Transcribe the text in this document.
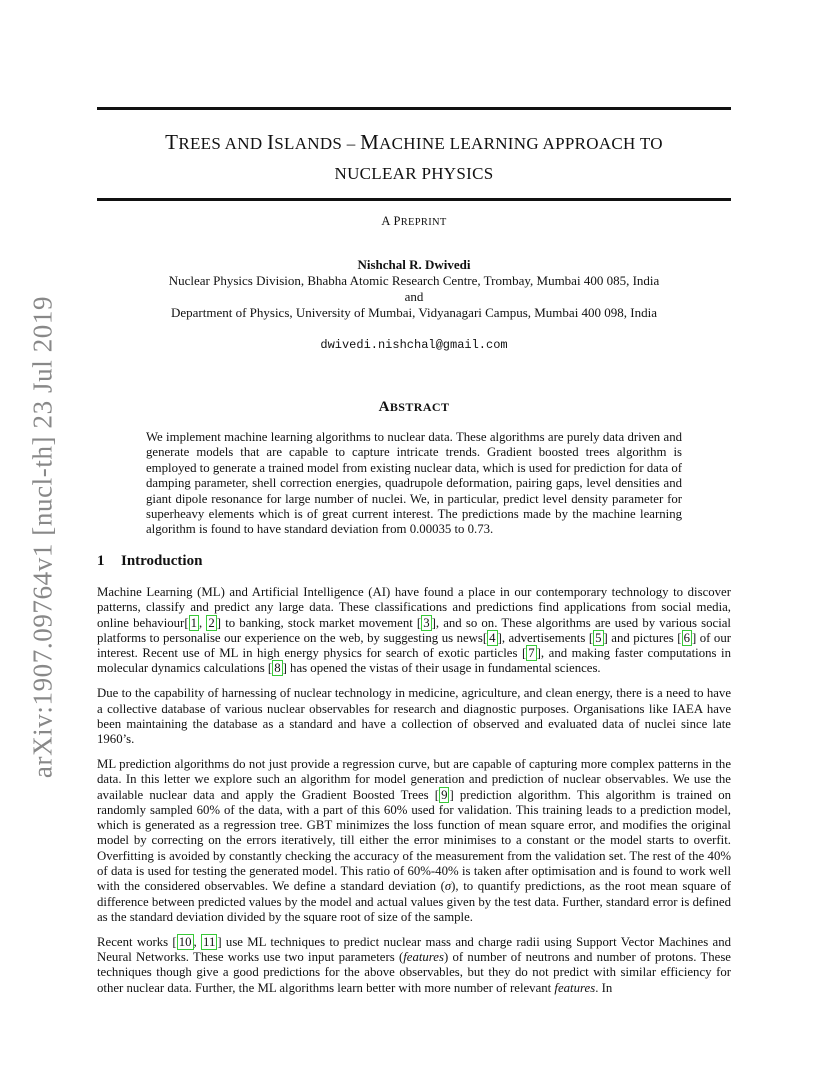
TREES AND ISLANDS – MACHINE LEARNING APPROACH TO
NUCLEAR PHYSICS
A PREPRINT
Nishchal R. Dwivedi
Nuclear Physics Division, Bhabha Atomic Research Centre, Trombay, Mumbai 400 085, India
and
Department of Physics, University of Mumbai, Vidyanagari Campus, Mumbai 400 098, India
dwivedi.nishchal@gmail.com
ABSTRACT
We implement machine learning algorithms to nuclear data. These algorithms are purely data driven and generate models that are capable to capture intricate trends. Gradient boosted trees algorithm is employed to generate a trained model from existing nuclear data, which is used for prediction for data of damping parameter, shell correction energies, quadrupole deformation, pairing gaps, level densities and giant dipole resonance for large number of nuclei. We, in particular, predict level density parameter for superheavy elements which is of great current interest. The predictions made by the machine learning algorithm is found to have standard deviation from 0.00035 to 0.73.
1 Introduction

Machine Learning (ML) and Artificial Intelligence (AI) have found a place in our contemporary technology to discover patterns, classify and predict any large data. These classifications and predictions find applications from social media, online behaviour[ 1 , 2 ] to banking, stock market movement [ 3 ], and so on. These algorithms are used by various social platforms to personalise our experience on the web, by suggesting us news[ 4 ], advertisements [ 5 ] and pictures [ 6 ] of our interest. Recent use of ML in high energy physics for search of exotic particles [ 7 ], and making faster computations in molecular dynamics calculations [ 8 ] has opened the vistas of their usage in fundamental sciences.

Due to the capability of harnessing of nuclear technology in medicine, agriculture, and clean energy, there is a need to have a collective database of various nuclear observables for research and diagnostic purposes. Organisations like IAEA have been maintaining the database as a standard and have a collection of observed and evaluated data of nuclei since late 1960’s.

ML prediction algorithms do not just provide a regression curve, but are capable of capturing more complex patterns in the data. In this letter we explore such an algorithm for model generation and prediction of nuclear observables. We use the available nuclear data and apply the Gradient Boosted Trees [ 9 ] prediction algorithm. This algorithm is trained on randomly sampled 60% of the data, with a part of this 60% used for validation. This training leads to a prediction model, which is generated as a regression tree. GBT minimizes the loss function of mean square error, and modifies the original model by correcting on the errors iteratively, till either the error minimises to a constant or the model starts to overfit. Overfitting is avoided by constantly checking the accuracy of the measurement from the validation set. The rest of the 40% of data is used for testing the generated model. This ratio of 60%-40% is taken after optimisation and is found to work well with the considered observables. We define a standard deviation (σ), to quantify predictions, as the root mean square of difference between predicted values by the model and actual values given by the test data. Further, standard error is defined as the standard deviation divided by the square root of size of the sample.

Recent works [ 10 , 11 ] use ML techniques to predict nuclear mass and charge radii using Support Vector Machines and Neural Networks. These works use two input parameters (features) of number of neutrons and number of protons. These techniques though give a good predictions for the above observables, but they do not predict with similar efficiency for other nuclear data. Further, the ML algorithms learn better with more number of relevant features. In

arXiv:1907.09764v1 [nucl-th] 23 Jul 2019
